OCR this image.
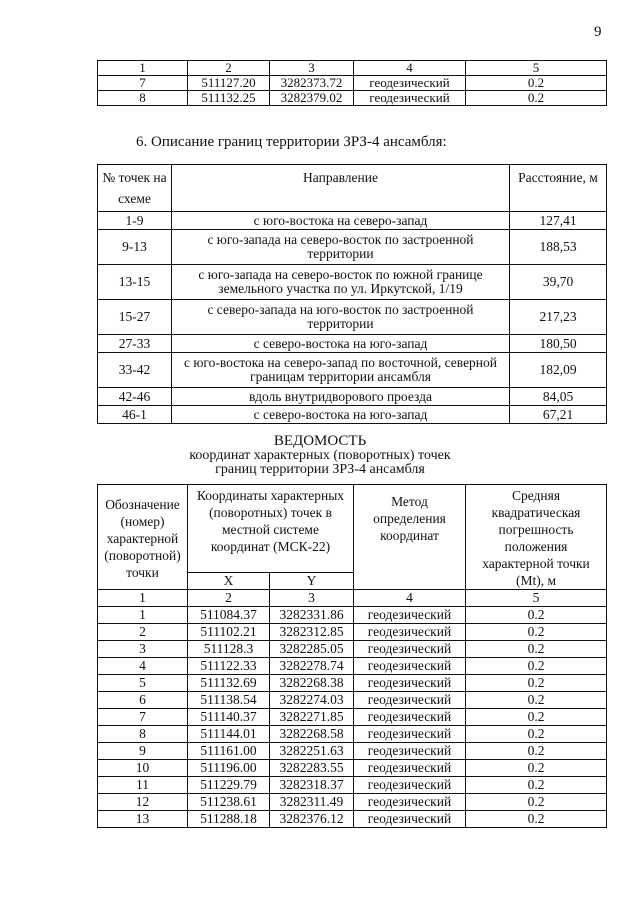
9
1	2	3	4	5
7	511127.20	3282373.72	геодезический	0.2
8	511132.25	3282379.02	геодезический	0.2
6. Описание границ территории ЗРЗ-4 ансамбля:
№ точек на схеме	Направление	Расстояние, м
1-9	с юго-востока на северо-запад	127,41
9-13	с юго-запада на северо-восток по застроенной территории	188,53
13-15	с юго-запада на северо-восток по южной границе земельного участка по ул. Иркутской, 1/19	39,70
15-27	с северо-запада на юго-восток по застроенной территории	217,23
27-33	с северо-востока на юго-запад	180,50
33-42	с юго-востока на северо-запад по восточной, северной границам территории ансамбля	182,09
42-46	вдоль внутридворового проезда	84,05
46-1	с северо-востока на юго-запад	67,21
ВЕДОМОСТЬ
координат характерных (поворотных) точек
границ территории ЗРЗ-4 ансамбля
Обозначение (номер) характерной (поворотной) точки	Координаты характерных (поворотных) точек в местной системе координат (МСК-22)		Метод определения координат	Средняя квадратическая погрешность положения характерной точки (Mt), м
	X	Y		
1	2	3	4	5
1	511084.37	3282331.86	геодезический	0.2
2	511102.21	3282312.85	геодезический	0.2
3	511128.3	3282285.05	геодезический	0.2
4	511122.33	3282278.74	геодезический	0.2
5	511132.69	3282268.38	геодезический	0.2
6	511138.54	3282274.03	геодезический	0.2
7	511140.37	3282271.85	геодезический	0.2
8	511144.01	3282268.58	геодезический	0.2
9	511161.00	3282251.63	геодезический	0.2
10	511196.00	3282283.55	геодезический	0.2
11	511229.79	3282318.37	геодезический	0.2
12	511238.61	3282311.49	геодезический	0.2
13	511288.18	3282376.12	геодезический	0.2
